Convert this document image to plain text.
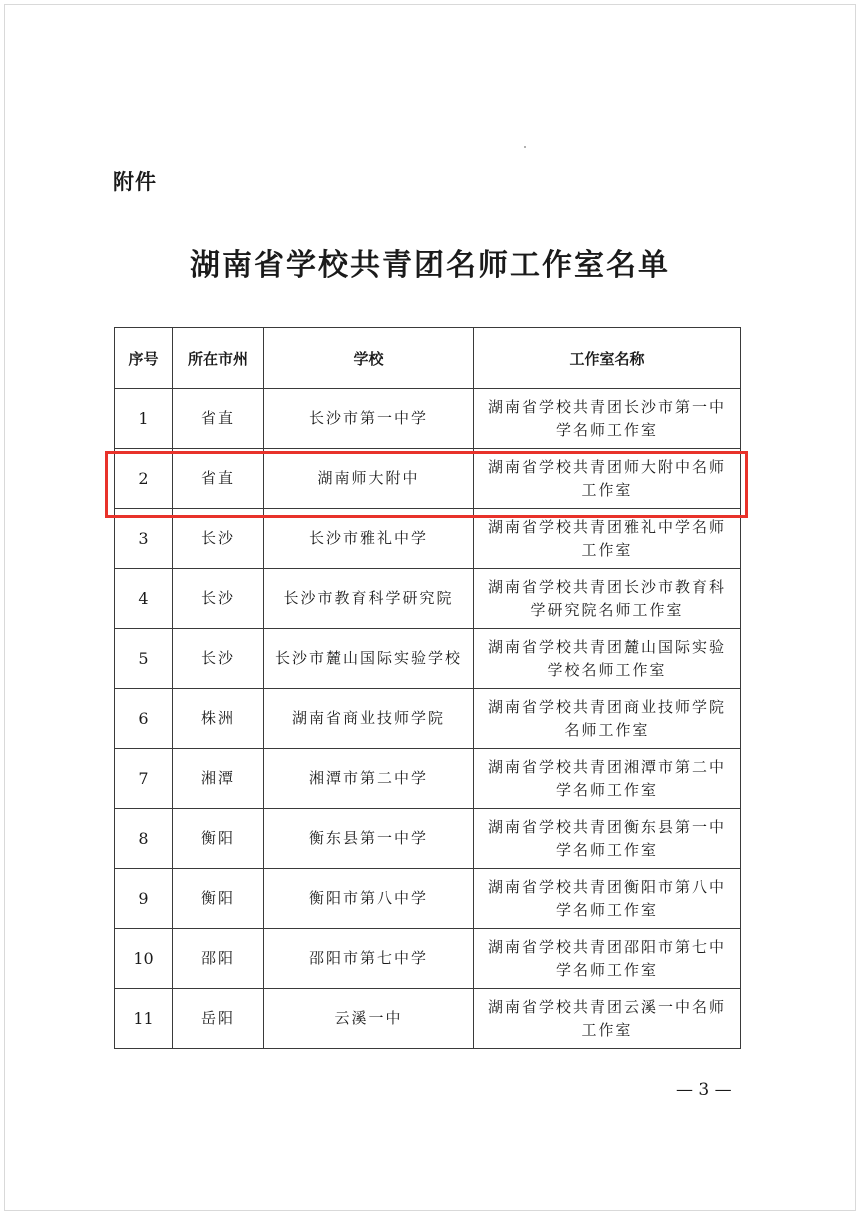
附件
湖南省学校共青团名师工作室名单
序号	所在市州	学校	工作室名称
1	省直	长沙市第一中学	湖南省学校共青团长沙市第一中学名师工作室
2	省直	湖南师大附中	湖南省学校共青团师大附中名师工作室
3	长沙	长沙市雅礼中学	湖南省学校共青团雅礼中学名师工作室
4	长沙	长沙市教育科学研究院	湖南省学校共青团长沙市教育科学研究院名师工作室
5	长沙	长沙市麓山国际实验学校	湖南省学校共青团麓山国际实验学校名师工作室
6	株洲	湖南省商业技师学院	湖南省学校共青团商业技师学院名师工作室
7	湘潭	湘潭市第二中学	湖南省学校共青团湘潭市第二中学名师工作室
8	衡阳	衡东县第一中学	湖南省学校共青团衡东县第一中学名师工作室
9	衡阳	衡阳市第八中学	湖南省学校共青团衡阳市第八中学名师工作室
10	邵阳	邵阳市第七中学	湖南省学校共青团邵阳市第七中学名师工作室
11	岳阳	云溪一中	湖南省学校共青团云溪一中名师工作室
— 3 —
